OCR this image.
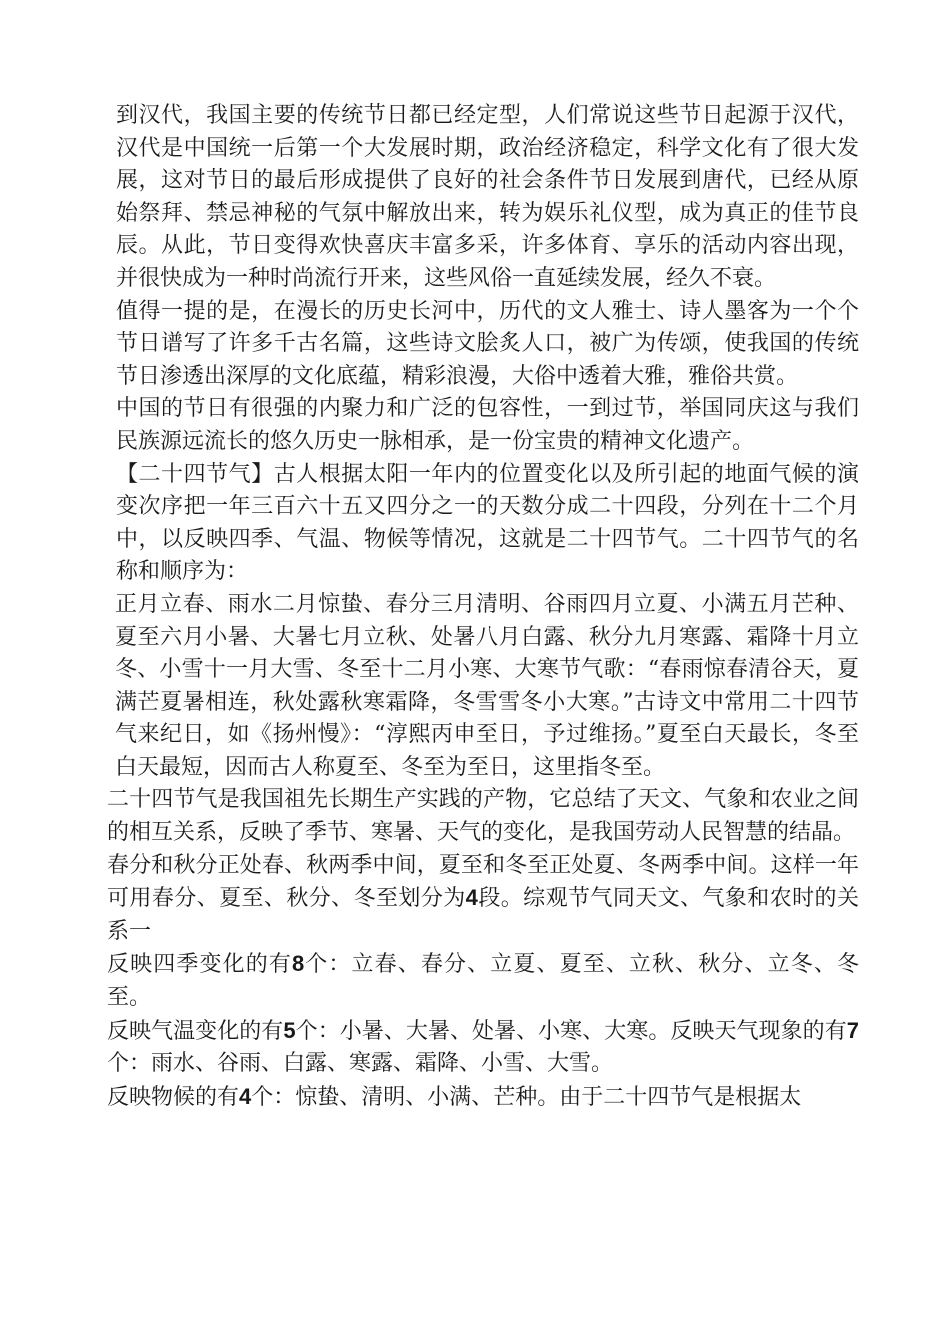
到汉代，我国主要的传统节日都已经定型，人们常说这些节日起源于汉代，汉代是中国统一后第一个大发展时期，政治经济稳定，科学文化有了很大发展，这对节日的最后形成提供了良好的社会条件节日发展到唐代，已经从原始祭拜、禁忌神秘的气氛中解放出来，转为娱乐礼仪型，成为真正的佳节良辰。从此，节日变得欢快喜庆丰富多采，许多体育、享乐的活动内容出现，并很快成为一种时尚流行开来，这些风俗一直延续发展，经久不衰。

值得一提的是，在漫长的历史长河中，历代的文人雅士、诗人墨客为一个个节日谱写了许多千古名篇，这些诗文脍炙人口，被广为传颂，使我国的传统节日渗透出深厚的文化底蕴，精彩浪漫，大俗中透着大雅，雅俗共赏。

中国的节日有很强的内聚力和广泛的包容性，一到过节，举国同庆这与我们民族源远流长的悠久历史一脉相承，是一份宝贵的精神文化遗产。

【二十四节气】古人根据太阳一年内的位置变化以及所引起的地面气候的演变次序把一年三百六十五又四分之一的天数分成二十四段，分列在十二个月中，以反映四季、气温、物候等情况，这就是二十四节气。二十四节气的名称和顺序为：

正月立春、雨水二月惊蛰、春分三月清明、谷雨四月立夏、小满五月芒种、夏至六月小暑、大暑七月立秋、处暑八月白露、秋分九月寒露、霜降十月立冬、小雪十一月大雪、冬至十二月小寒、大寒节气歌：“春雨惊春清谷天，夏满芒夏暑相连，秋处露秋寒霜降，冬雪雪冬小大寒。”古诗文中常用二十四节气来纪日，如《扬州慢》：“淳熙丙申至日，予过维扬。”夏至白天最长，冬至白天最短，因而古人称夏至、冬至为至日，这里指冬至。

二十四节气是我国祖先长期生产实践的产物，它总结了天文、气象和农业之间的相互关系，反映了季节、寒暑、天气的变化，是我国劳动人民智慧的结晶。

春分和秋分正处春、秋两季中间，夏至和冬至正处夏、冬两季中间。这样一年可用春分、夏至、秋分、冬至划分为4段。综观节气同天文、气象和农时的关系一

反映四季变化的有8个：立春、春分、立夏、夏至、立秋、秋分、立冬、冬至。

反映气温变化的有5个：小暑、大暑、处暑、小寒、大寒。反映天气现象的有7个：雨水、谷雨、白露、寒露、霜降、小雪、大雪。

反映物候的有4个：惊蛰、清明、小满、芒种。由于二十四节气是根据太
